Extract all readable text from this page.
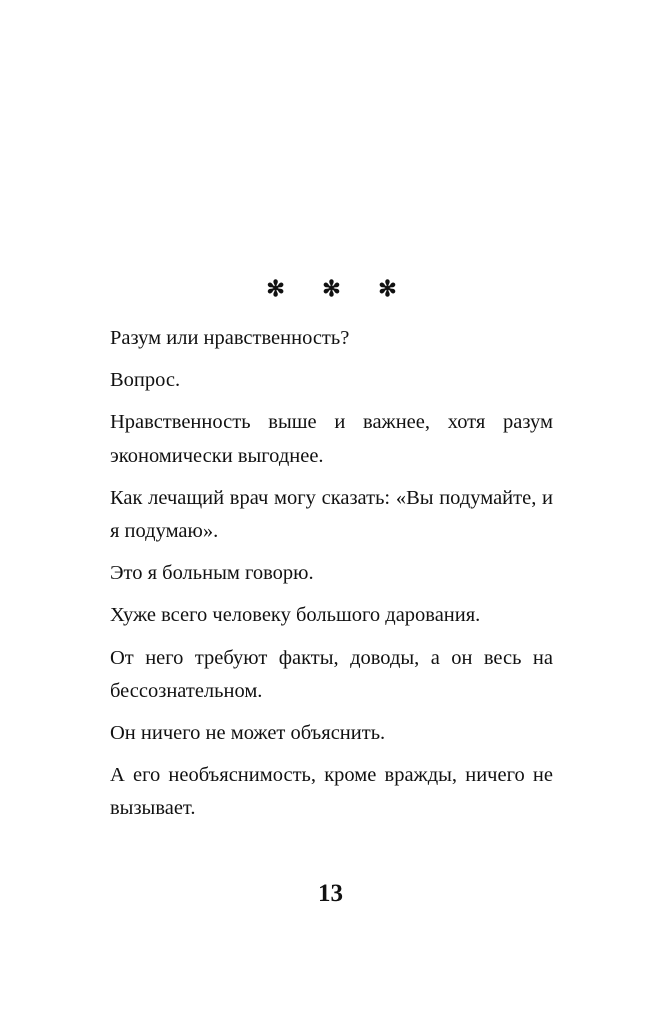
✻ ✻ ✻

Разум или нравственность?

Вопрос.

Нравственность выше и важнее, хотя разум экономически выгоднее.

Как лечащий врач могу сказать: «Вы подумайте, и я подумаю».

Это я больным говорю.

Хуже всего человеку большого дарования.

От него требуют факты, доводы, а он весь на бессознательном.

Он ничего не может объяснить.

А его необъяснимость, кроме вражды, ничего не вызывает.

13
